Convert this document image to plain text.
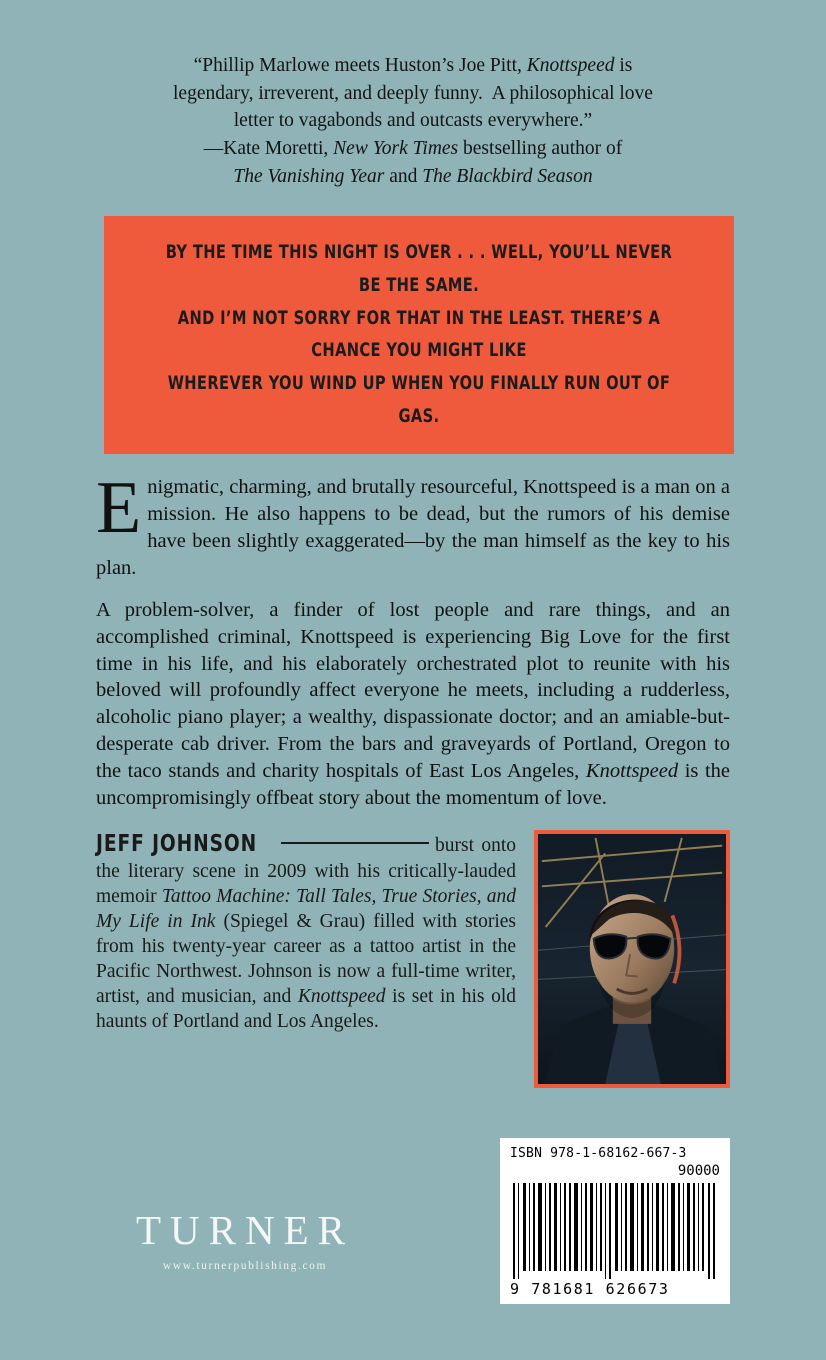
“Phillip Marlowe meets Huston’s Joe Pitt, Knottspeed is
legendary, irreverent, and deeply funny.  A philosophical love
letter to vagabonds and outcasts everywhere.”
—Kate Moretti, New York Times bestselling author of
The Vanishing Year and The Blackbird Season
BY THE TIME THIS NIGHT IS OVER . . . WELL, YOU’LL NEVER BE THE SAME.
AND I’M NOT SORRY FOR THAT IN THE LEAST. THERE’S A CHANCE YOU MIGHT LIKE
WHEREVER YOU WIND UP WHEN YOU FINALLY RUN OUT OF GAS.

Enigmatic, charming, and brutally resourceful, Knottspeed is a man on a mission. He also happens to be dead, but the rumors of his demise have been slightly exaggerated—by the man himself as the key to his plan.

A problem-solver, a finder of lost people and rare things, and an accomplished criminal, Knottspeed is experiencing Big Love for the first time in his life, and his elaborately orchestrated plot to reunite with his beloved will profoundly affect everyone he meets, including a rudderless, alcoholic piano player; a wealthy, dispassionate doctor; and an amiable-but-desperate cab driver. From the bars and graveyards of Portland, Oregon to the taco stands and charity hospitals of East Los Angeles, Knottspeed is the uncompromisingly offbeat story about the momentum of love.

JEFF JOHNSON	burst onto the literary scene in 2009 with his critically-lauded memoir Tattoo Machine: Tall Tales, True Stories, and My Life in Ink (Spiegel & Grau) filled with stories from his twenty-year career as a tattoo artist in the Pacific Northwest. Johnson is now a full-time writer, artist, and musician, and Knottspeed is set in his old haunts of Portland and Los Angeles.
TURNER
www.turnerpublishing.com
ISBN 978-1-68162-667-3
90000
9 781681 626673
